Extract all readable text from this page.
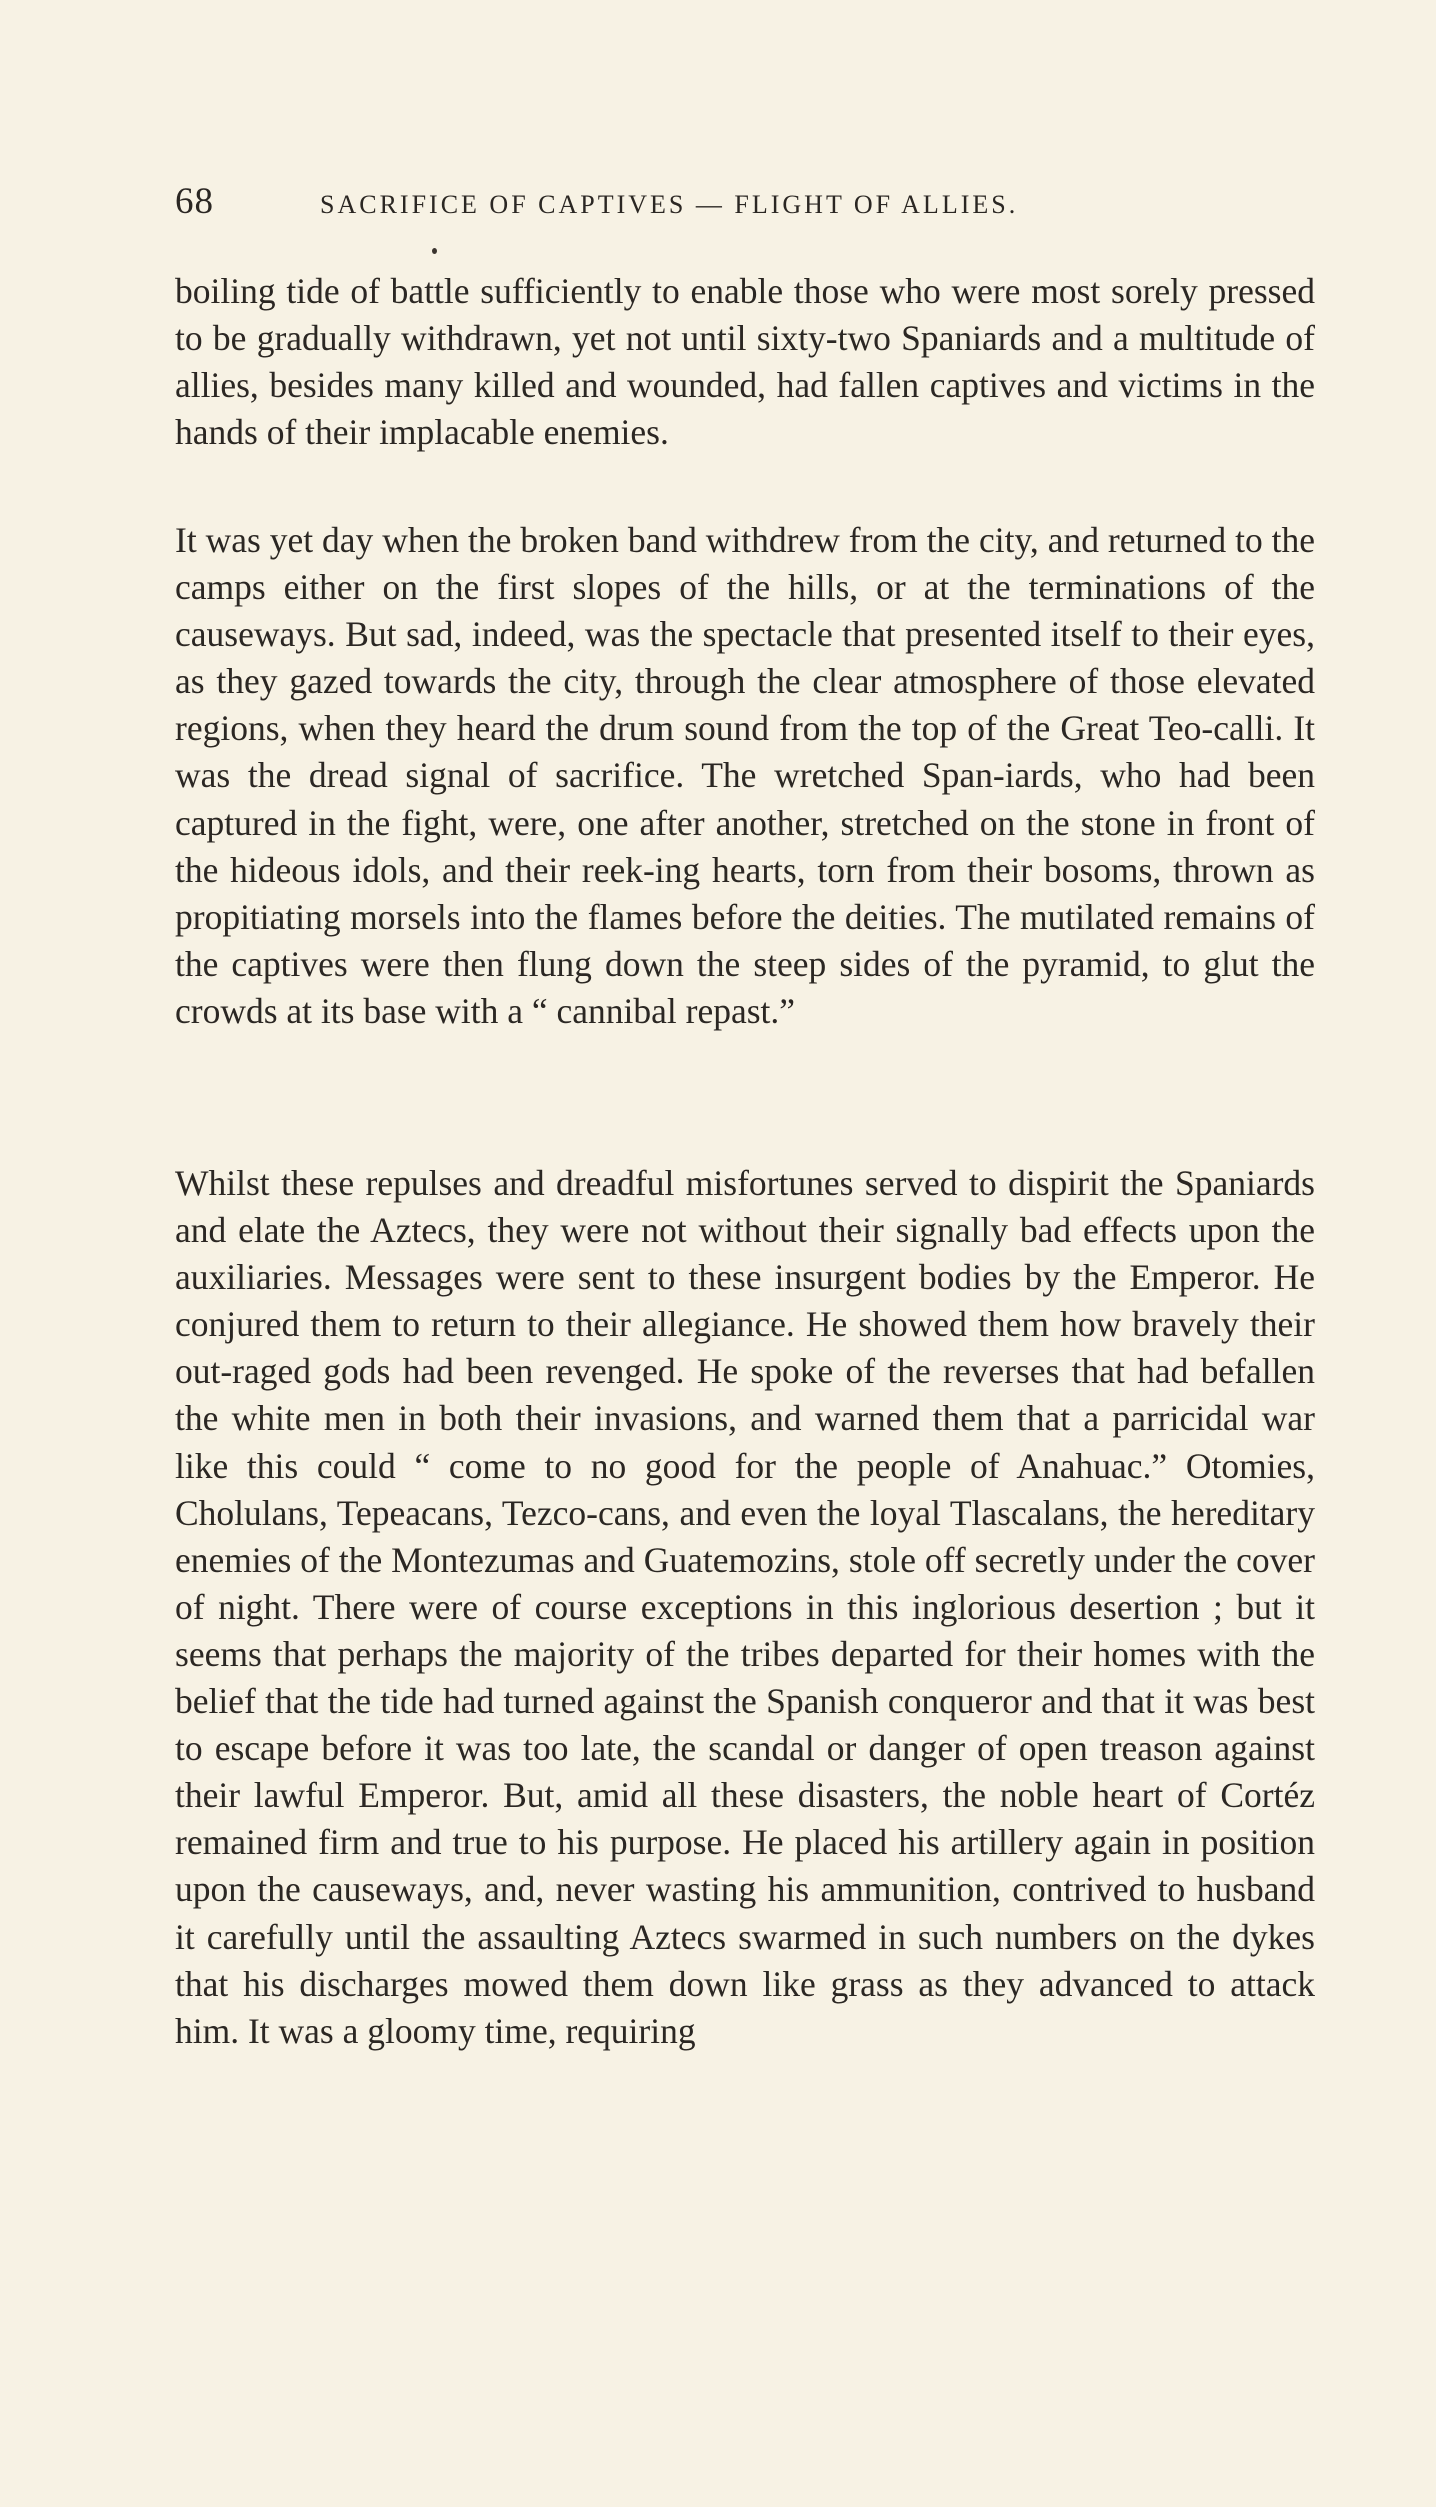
68	SACRIFICE OF CAPTIVES — FLIGHT OF ALLIES.

boiling tide of battle sufficiently to enable those who were most sorely pressed to be gradually withdrawn, yet not until sixty-two Spaniards and a multitude of allies, besides many killed and wounded, had fallen captives and victims in the hands of their implacable enemies.

It was yet day when the broken band withdrew from the city, and returned to the camps either on the first slopes of the hills, or at the terminations of the causeways. But sad, indeed, was the spectacle that presented itself to their eyes, as they gazed towards the city, through the clear atmosphere of those elevated regions, when they heard the drum sound from the top of the Great Teo-calli. It was the dread signal of sacrifice. The wretched Span-iards, who had been captured in the fight, were, one after another, stretched on the stone in front of the hideous idols, and their reek-ing hearts, torn from their bosoms, thrown as propitiating morsels into the flames before the deities. The mutilated remains of the captives were then flung down the steep sides of the pyramid, to glut the crowds at its base with a “ cannibal repast.”

Whilst these repulses and dreadful misfortunes served to dispirit the Spaniards and elate the Aztecs, they were not without their signally bad effects upon the auxiliaries. Messages were sent to these insurgent bodies by the Emperor. He conjured them to return to their allegiance. He showed them how bravely their out-raged gods had been revenged. He spoke of the reverses that had befallen the white men in both their invasions, and warned them that a parricidal war like this could “ come to no good for the people of Anahuac.” Otomies, Cholulans, Tepeacans, Tezco-cans, and even the loyal Tlascalans, the hereditary enemies of the Montezumas and Guatemozins, stole off secretly under the cover of night. There were of course exceptions in this inglorious desertion ; but it seems that perhaps the majority of the tribes departed for their homes with the belief that the tide had turned against the Spanish conqueror and that it was best to escape before it was too late, the scandal or danger of open treason against their lawful Emperor. But, amid all these disasters, the noble heart of Cortéz remained firm and true to his purpose. He placed his artillery again in position upon the causeways, and, never wasting his ammunition, contrived to husband it carefully until the assaulting Aztecs swarmed in such numbers on the dykes that his discharges mowed them down like grass as they advanced to attack him. It was a gloomy time, requiring
